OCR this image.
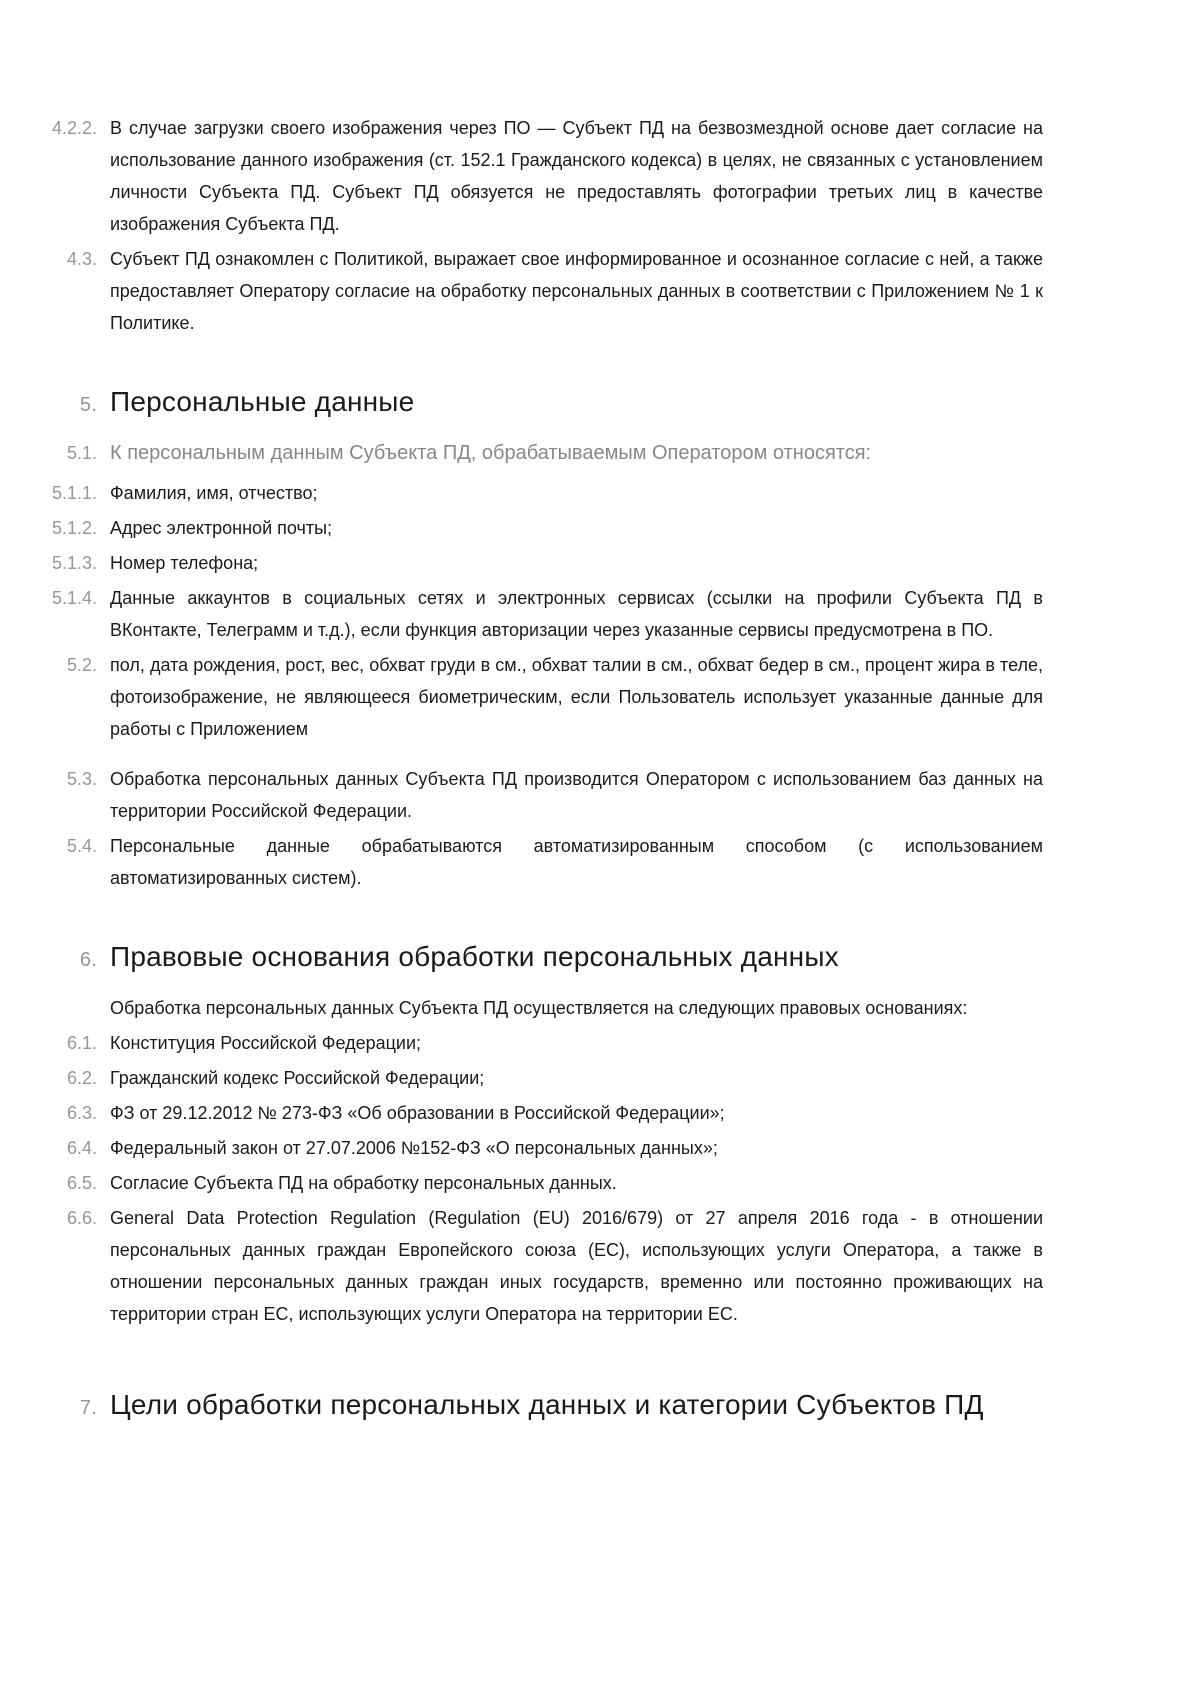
4.2.2. В случае загрузки своего изображения через ПО — Субъект ПД на безвозмездной основе дает согласие на использование данного изображения (ст. 152.1 Гражданского кодекса) в целях, не связанных с установлением личности Субъекта ПД. Субъект ПД обязуется не предоставлять фотографии третьих лиц в качестве изображения Субъекта ПД.
4.3. Субъект ПД ознакомлен с Политикой, выражает свое информированное и осознанное согласие с ней, а также предоставляет Оператору согласие на обработку персональных данных в соответствии с Приложением № 1 к Политике.
5. Персональные данные
5.1. К персональным данным Субъекта ПД, обрабатываемым Оператором относятся:
5.1.1. Фамилия, имя, отчество;
5.1.2. Адрес электронной почты;
5.1.3. Номер телефона;
5.1.4. Данные аккаунтов в социальных сетях и электронных сервисах (ссылки на профили Субъекта ПД в ВКонтакте, Телеграмм и т.д.), если функция авторизации через указанные сервисы предусмотрена в ПО.
5.2. пол, дата рождения, рост, вес, обхват груди в см., обхват талии в см., обхват бедер в см., процент жира в теле, фотоизображение, не являющееся биометрическим, если Пользователь использует указанные данные для работы с Приложением
5.3. Обработка персональных данных Субъекта ПД производится Оператором с использованием баз данных на территории Российской Федерации.
5.4. Персональные данные обрабатываются автоматизированным способом (с использованием автоматизированных систем).
6. Правовые основания обработки персональных данных
Обработка персональных данных Субъекта ПД осуществляется на следующих правовых основаниях:
6.1. Конституция Российской Федерации;
6.2. Гражданский кодекс Российской Федерации;
6.3. ФЗ от 29.12.2012 № 273-ФЗ «Об образовании в Российской Федерации»;
6.4. Федеральный закон от 27.07.2006 №152-ФЗ «О персональных данных»;
6.5. Согласие Субъекта ПД на обработку персональных данных.
6.6. General Data Protection Regulation (Regulation (EU) 2016/679) от 27 апреля 2016 года - в отношении персональных данных граждан Европейского союза (ЕС), использующих услуги Оператора, а также в отношении персональных данных граждан иных государств, временно или постоянно проживающих на территории стран ЕС, использующих услуги Оператора на территории ЕС.
7. Цели обработки персональных данных и категории Субъектов ПД
